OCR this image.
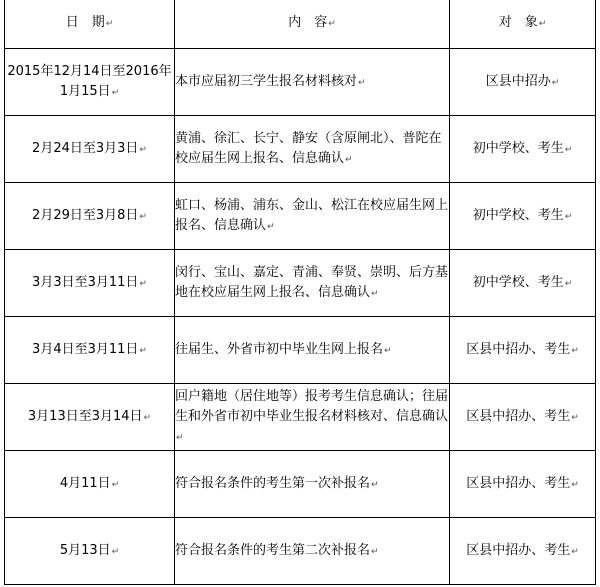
日　期↵	内　容↵	对　象↵
2015年12月14日至2016年1月15日↵	本市应届初三学生报名材料核对↵	区县中招办↵
2月24日至3月3日↵	黄浦、徐汇、长宁、静安（含原闸北）、普陀在校应届生网上报名、信息确认↵	初中学校、考生↵
2月29日至3月8日↵	虹口、杨浦、浦东、金山、松江在校应届生网上报名、信息确认↵	初中学校、考生↵
3月3日至3月11日↵	闵行、宝山、嘉定、青浦、奉贤、崇明、后方基地在校应届生网上报名、信息确认↵	初中学校、考生↵
3月4日至3月11日↵	往届生、外省市初中毕业生网上报名↵	区县中招办、考生↵
3月13日至3月14日↵	回户籍地（居住地等）报考考生信息确认；往届生和外省市初中毕业生报名材料核对、信息确认↵	区县中招办、考生↵
4月11日↵	符合报名条件的考生第一次补报名↵	区县中招办、考生↵
5月13日↵	符合报名条件的考生第二次补报名↵	区县中招办、考生↵
